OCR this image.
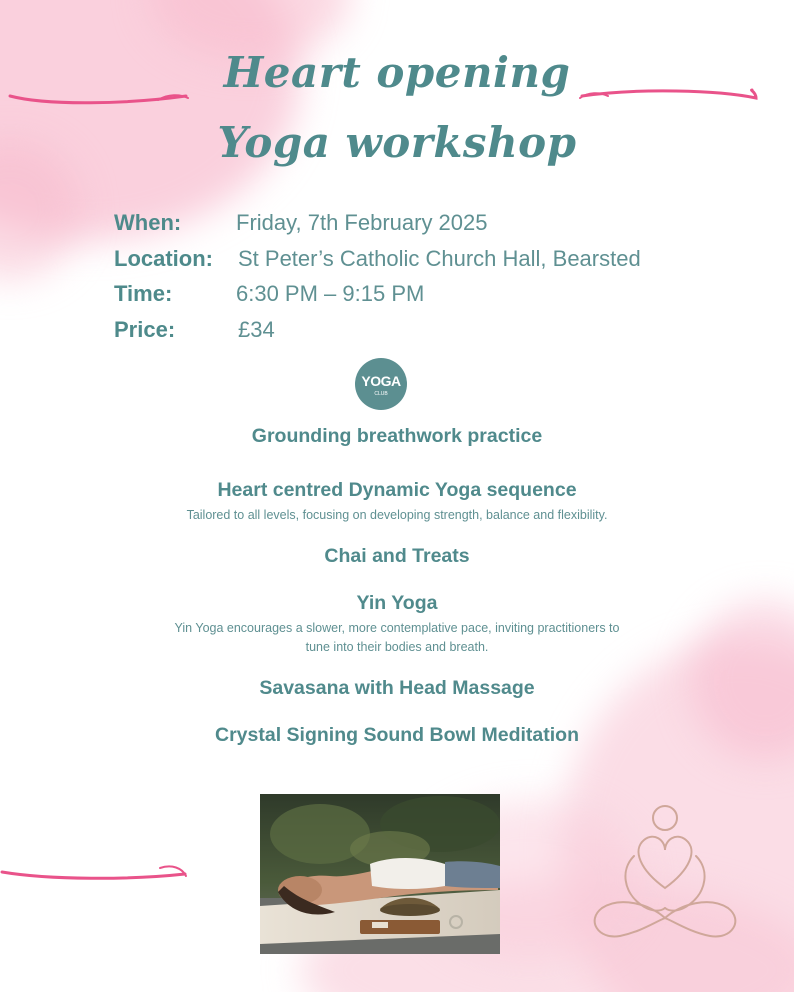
Heart opening
Yoga workshop
When:	Friday, 7th February 2025
Location:	St Peter’s Catholic Church Hall, Bearsted
Time:	6:30 PM – 9:15 PM
Price:	£34
YOGA
CLUB
Grounding breathwork practice
Heart centred Dynamic Yoga sequence
Tailored to all levels, focusing on developing strength, balance and flexibility.
Chai and Treats
Yin Yoga
Yin Yoga encourages a slower, more contemplative pace, inviting practitioners to
tune into their bodies and breath.
Savasana with Head Massage
Crystal Signing Sound Bowl Meditation
